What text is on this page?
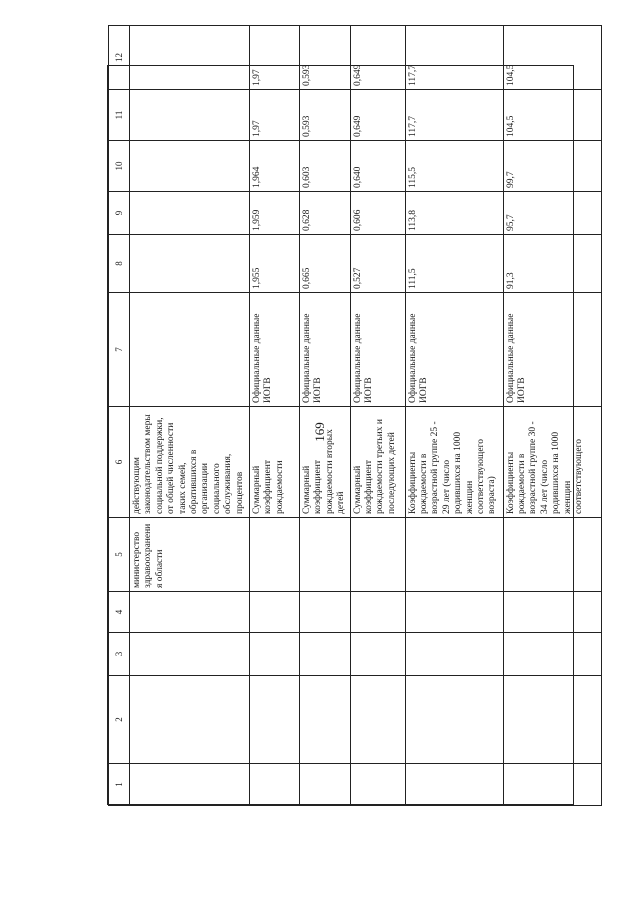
169
1	2	3	4	5	6	7	8	9	10	11	12
				министерство здравоохранени я области	действующим законодательством меры социальной поддержки, от общей численности таких семей, обратившихся в организации социального обслуживания, процентов						
					Суммарный коэффициент рождаемости	Официальные данные ИОГВ	1,955	1,959	1,964	1,97	1,97
					Суммарный коэффициент рождаемости вторых детей	Официальные данные ИОГВ	0,665	0,628	0,603	0,593	0,593
					Суммарный коэффициент рождаемости третьих и последующих детей	Официальные данные ИОГВ	0,527	0,606	0,640	0,649	0,649
					Коэффициенты рождаемости в возрастной группе 25 - 29 лет (число родившихся на 1000 женщин соответствующего возраста)	Официальные данные ИОГВ	111,5	113,8	115,5	117,7	117,7
					Коэффициенты рождаемости в возрастной группе 30 - 34 лет (число родившихся на 1000 женщин соответствующего	Официальные данные ИОГВ	91,3	95,7	99,7	104,5	104,5
